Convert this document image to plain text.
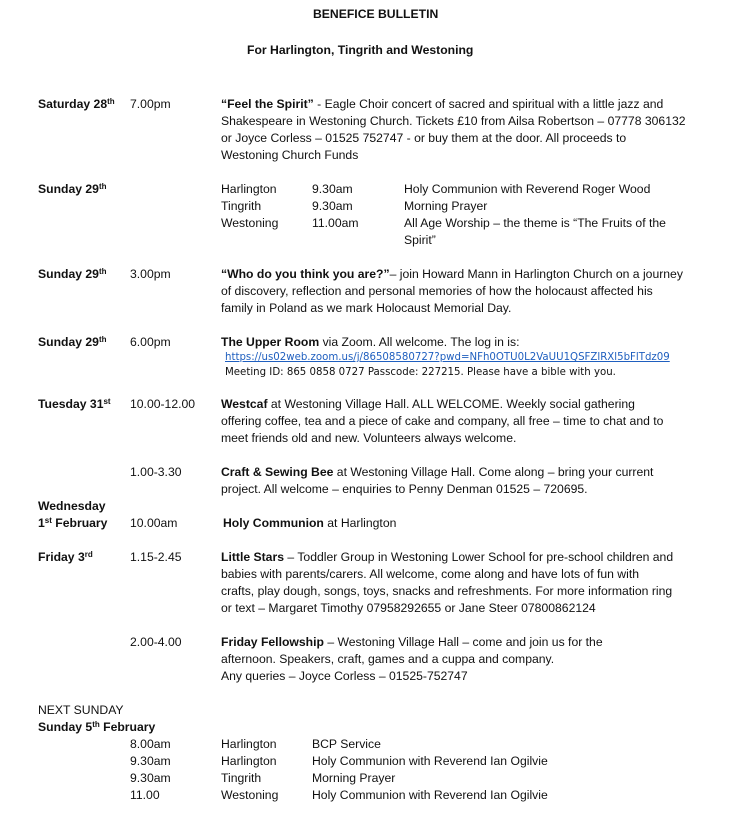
BENEFICE BULLETIN
For Harlington, Tingrith and Westoning
Saturday 28th 7.00pm	“Feel the Spirit” - Eagle Choir concert of sacred and spiritual with a little jazz and
Shakespeare in Westoning Church. Tickets £10 from Ailsa Robertson – 07778 306132
or Joyce Corless – 01525 752747 - or buy them at the door. All proceeds to
Westoning Church Funds
Sunday 29th	Harlington	9.30am	Holy Communion with Reverend Roger Wood
Tingrith	9.30am	Morning Prayer
Westoning	11.00am	All Age Worship – the theme is “The Fruits of the
Spirit”
Sunday 29th 3.00pm	“Who do you think you are?”– join Howard Mann in Harlington Church on a journey
of discovery, reflection and personal memories of how the holocaust affected his
family in Poland as we mark Holocaust Memorial Day.
Sunday 29th 6.00pm	The Upper Room via Zoom. All welcome. The log in is:
https://us02web.zoom.us/j/86508580727?pwd=NFh0OTU0L2VaUU1QSFZlRXl5bFlTdz09
Meeting ID: 865 0858 0727 Passcode: 227215. Please have a bible with you.
Tuesday 31st 10.00-12.00 Westcaf at Westoning Village Hall. ALL WELCOME. Weekly social gathering
offering coffee, tea and a piece of cake and company, all free – time to chat and to
meet friends old and new. Volunteers always welcome.
1.00-3.30	Craft & Sewing Bee at Westoning Village Hall. Come along – bring your current
project. All welcome – enquiries to Penny Denman 01525 – 720695.
Wednesday
1st February 10.00am	Holy Communion at Harlington
Friday 3rd	1.15-2.45	Little Stars – Toddler Group in Westoning Lower School for pre-school children and
babies with parents/carers. All welcome, come along and have lots of fun with
crafts, play dough, songs, toys, snacks and refreshments. For more information ring
or text – Margaret Timothy 07958292655 or Jane Steer 07800862124
2.00-4.00	Friday Fellowship – Westoning Village Hall – come and join us for the
afternoon. Speakers, craft, games and a cuppa and company.
Any queries – Joyce Corless – 01525-752747
NEXT SUNDAY
Sunday 5th February
8.00am	Harlington	BCP Service
9.30am	Harlington	Holy Communion with Reverend Ian Ogilvie
9.30am	Tingrith	Morning Prayer
11.00	Westoning	Holy Communion with Reverend Ian Ogilvie
